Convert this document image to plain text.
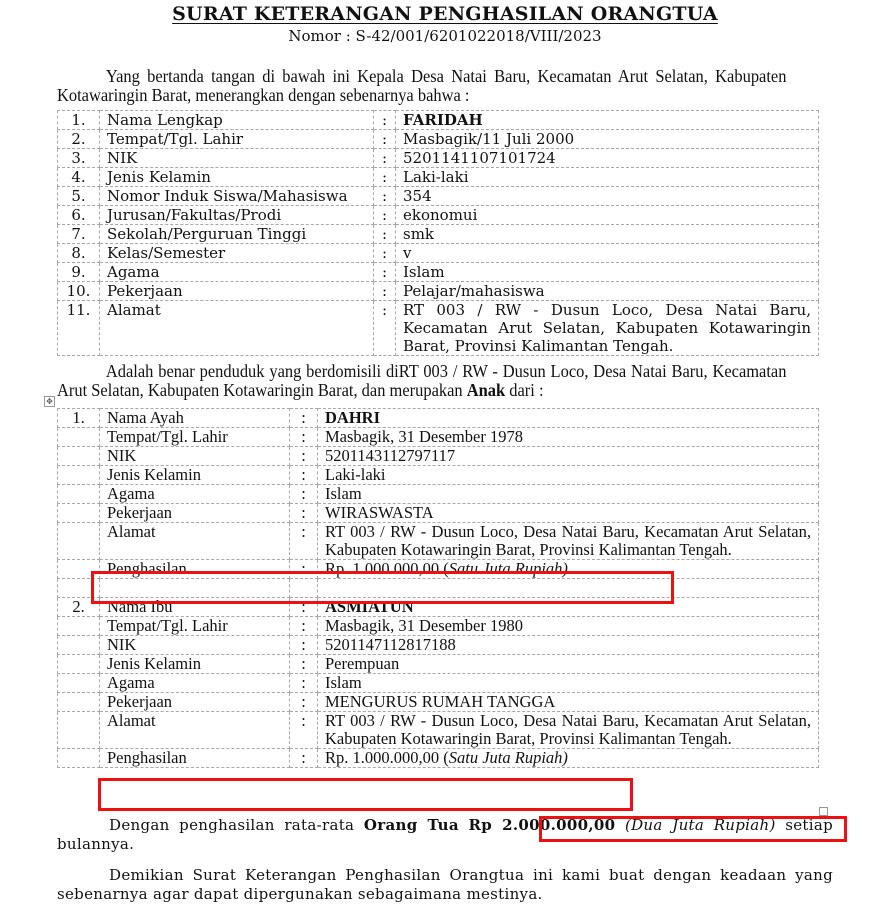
SURAT KETERANGAN PENGHASILAN ORANGTUA
Nomor : S-42/001/6201022018/VIII/2023
Yang bertanda tangan di bawah ini Kepala Desa Natai Baru, Kecamatan Arut Selatan, Kabupaten Kotawaringin Barat, menerangkan dengan sebenarnya bahwa :
1.	Nama Lengkap	:	FARIDAH
2.	Tempat/Tgl. Lahir	:	Masbagik/11 Juli 2000
3.	NIK	:	5201141107101724
4.	Jenis Kelamin	:	Laki-laki
5.	Nomor Induk Siswa/Mahasiswa	:	354
6.	Jurusan/Fakultas/Prodi	:	ekonomui
7.	Sekolah/Perguruan Tinggi	:	smk
8.	Kelas/Semester	:	v
9.	Agama	:	Islam
10.	Pekerjaan	:	Pelajar/mahasiswa
11.	Alamat	:	RT 003 / RW - Dusun Loco, Desa Natai Baru, Kecamatan Arut Selatan, Kabupaten Kotawaringin Barat, Provinsi Kalimantan Tengah.
Adalah benar penduduk yang berdomisili diRT 003 / RW - Dusun Loco, Desa Natai Baru, Kecamatan Arut Selatan, Kabupaten Kotawaringin Barat, dan merupakan Anak dari :
✥
1.	Nama Ayah	:	DAHRI
	Tempat/Tgl. Lahir	:	Masbagik, 31 Desember 1978
	NIK	:	5201143112797117
	Jenis Kelamin	:	Laki-laki
	Agama	:	Islam
	Pekerjaan	:	WIRASWASTA
	Alamat	:	RT 003 / RW - Dusun Loco, Desa Natai Baru, Kecamatan Arut Selatan, Kabupaten Kotawaringin Barat, Provinsi Kalimantan Tengah.
	Penghasilan	:	Rp. 1.000.000,00 (Satu Juta Rupiah)

2.	Nama Ibu	:	ASMIATUN
	Tempat/Tgl. Lahir	:	Masbagik, 31 Desember 1980
	NIK	:	5201147112817188
	Jenis Kelamin	:	Perempuan
	Agama	:	Islam
	Pekerjaan	:	MENGURUS RUMAH TANGGA
	Alamat	:	RT 003 / RW - Dusun Loco, Desa Natai Baru, Kecamatan Arut Selatan, Kabupaten Kotawaringin Barat, Provinsi Kalimantan Tengah.
	Penghasilan	:	Rp. 1.000.000,00 (Satu Juta Rupiah)
Dengan penghasilan rata-rata Orang Tua Rp 2.000.000,00 (Dua Juta Rupiah) setiap bulannya.
Demikian Surat Keterangan Penghasilan Orangtua ini kami buat dengan keadaan yang sebenarnya agar dapat dipergunakan sebagaimana mestinya.
